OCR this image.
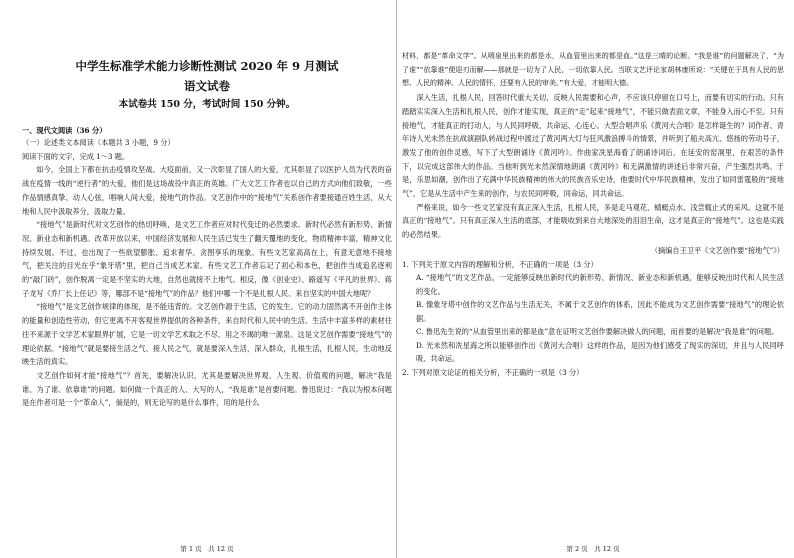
中学生标准学术能力诊断性测试 2020 年 9 月测试
语文试卷
本试卷共 150 分，考试时间 150 分钟。
一、现代文阅读（36 分）

（一）论述类文本阅读（本题共 3 小题，9 分）

阅读下面的文字，完成 1～3 题。

如今，全国上下都在抗击疫情攻坚战。大疫面前，又一次彰显了国人的大爱，尤其彰显了以医护人员为代表的奋战在疫情一线的“逆行者”的大爱，他们是这场战役中真正的英雄。广大文艺工作者也以自己的方式向他们致敬，一些作品情感真挚、动人心弦，唱响人间大爱，接地气的作品。文艺创作中的“接地气”关系创作者要接通百姓生活，从大地和人民中汲取养分，汲取力量。

“接地气”是新时代对文艺创作的热切呼唤，是文艺工作者应对时代变迁的必然要求。新时代必然有新形势、新情况、新业态和新机遇。改革开放以来，中国经济发展和人民生活已发生了翻天覆地的变化，物质精神丰富，精神文化持续发展。不过，也出现了一些欲望膨胀、追求奢华、贪图享乐的现象。有些文艺家高高在上，有意无意地不接地气，把关注的目光在乎“象牙塔”里，把自己当成艺术家。有些文艺工作者忘记了初心和本色，把创作当成追名逐利的“敲门砖”，创作脱离一定是不坚实的大地，自然也就接不上地气。相反，像《创业史》、路遥写《平凡的世界》、蒋子龙写《乔厂长上任记》等，哪部不是“接地气”的作品？他们中哪一个不是扎根人民、来自坚实的中国大地呢？

“接地气”是文艺创作规律的体现，是不能违背的。文艺创作源于生活，它的发生、它的动力固然离不开创作主体的能量和创造性劳动，但它更离不开客观世界提供的各种条件，来自时代和人民中的生活。生活中丰富多样的素材往往不来源于文学艺术家眼界扩展，它是一切文学艺术取之不尽、用之不竭的唯一源泉。这是文艺创作需要“接地气”的理论依据。“接地气”就是要接生活之气、接人民之气，就是要深入生活，深入群众，扎根生活，扎根人民，生动地反映生活的真实。

文艺创作如何才能“接地气”？首先，要解决认识，尤其是要解决世界观、人生观、价值观的问题，解决“我是谁、为了谁、依靠谁”的问题。如何做一个真正的人、大写的人，“我是谁”是首要问题。鲁迅说过：“我以为根本问题是在作者可是一个“革命人”，倘是的，则无论写的是什么事件，用的是什么

第 1 页　共 12 页

材料，都是“革命文学”。从喷泉里出来的都是水，从血管里出来的都是血。”这是三晴的论断。“我是谁”的问题解决了，“为了谁”“依靠谁”便迎刃而解——那就是一切为了人民，一切依靠人民。当联文艺评论家胡林康所说：“关键在于具有人民的思想、人民的精神、人民的情怀，还要有人民的审美。”有大爱，才能明大德。

深入生活，扎根人民，回答时代重大关切，反映人民需要和心声，不应该只停留在口号上，而要有切实的行动。只有踏踏实实深入生活和扎根人民，创作才能实现，真正的“走”起来“接地气”，不能只做表面文章，不能身入而心不至。只有接地气，才能真正的打动人，与人民同呼吸、共命运、心连心。大型合唱声乐《黄河大合唱》是怎样诞生的？词作者、青年诗人光未然在抗战演剧队转战过程中渡过了黄河两大灯与狂风激浪搏斗的情景，并听到了船夫高亢、悠扬的劳动号子，激发了他的创作灵感，写下了大型朗诵诗《黄河吟》。作曲家冼星海看了朗诵诗词后，在延安的窑洞里，在艰苦的条件下，以完成这部伟大的作品。当他听到光未然深情地朗诵《黄河吟》和无满激情的讲述后非常兴奋，产生强烈共鸣。于是，乐思如潮，创作出了充满中华民族精神的伟大的民族音乐史诗，他要时代中华民族精神，发出了如同雷霆般的“接地气”，它是从生活中产生来的创作，与农民同呼吸，同命运，同共命运。

严格来说，如今一些文艺家没有真正深入生活，扎根人民，多是走马观花、蜻蜓点水、浅尝辄止式的采风。这就不是真正的“接地气”。只有真正深入生活的底部，才能吸收到来自大地深处的泪泪生命，这才是真正的“接地气”。这也是实践的必然结果。

（摘编自王卫平《文艺创作要“接地气”》）

1. 下列关于原文内容的理解和分析，不正确的一项是（3 分）

A. “接地气”的文艺作品，一定能够反映出新时代的新形势、新情况、新业态和新机遇，能够反映出时代和人民生活的变化。

B. 像象牙塔中创作的文艺作品与生活无关，不属于文艺创作的体系，因此不能成为文艺创作需要“接地气”的理论依据。

C. 鲁迅先生说的“从血管里出来的都是血”意在证明文艺创作要解决做人的问题，而首要的是解决“我是谁”的问题。

D. 光未然和冼星海之所以能够创作出《黄河大合唱》这样的作品，是因为他们感受了现实的深切，并且与人民同呼吸、共命运。

2. 下列对原文论证的相关分析，不正确的一项是（3 分）

第 2 页　共 12 页
